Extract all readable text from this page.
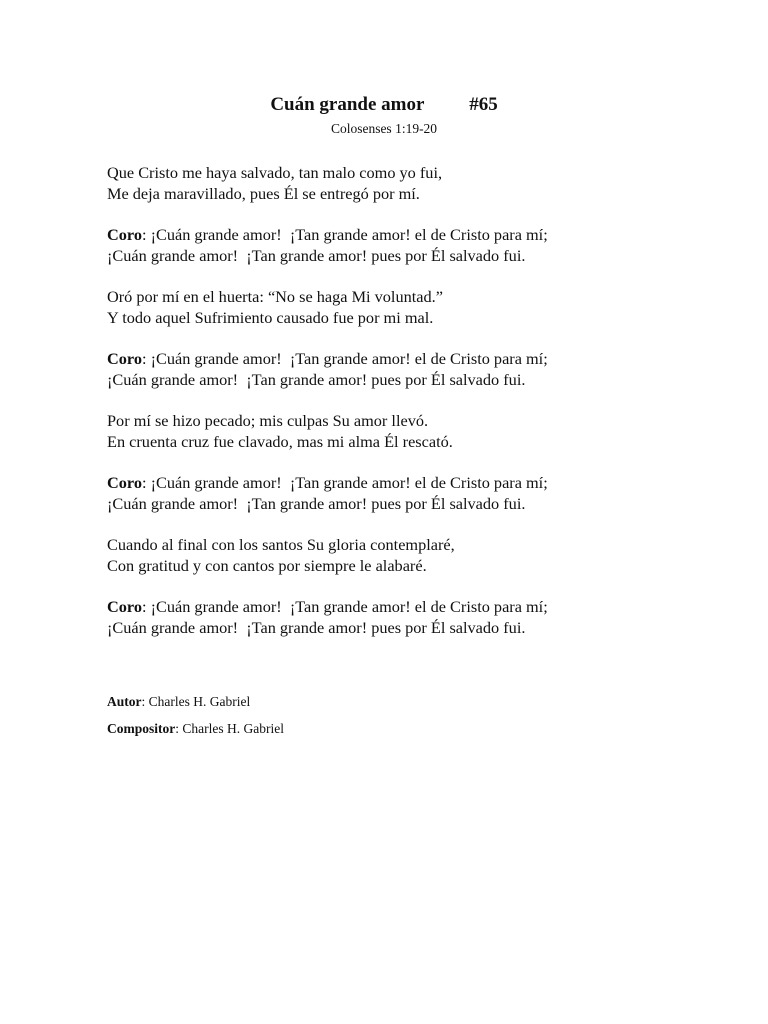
Cuán grande amor #65
Colosenses 1:19-20
Que Cristo me haya salvado, tan malo como yo fui,
Me deja maravillado, pues Él se entregó por mí.
Coro: ¡Cuán grande amor!  ¡Tan grande amor! el de Cristo para mí;
¡Cuán grande amor!  ¡Tan grande amor! pues por Él salvado fui.
Oró por mí en el huerta: “No se haga Mi voluntad.”
Y todo aquel Sufrimiento causado fue por mi mal.
Coro: ¡Cuán grande amor!  ¡Tan grande amor! el de Cristo para mí;
¡Cuán grande amor!  ¡Tan grande amor! pues por Él salvado fui.
Por mí se hizo pecado; mis culpas Su amor llevó.
En cruenta cruz fue clavado, mas mi alma Él rescató.
Coro: ¡Cuán grande amor!  ¡Tan grande amor! el de Cristo para mí;
¡Cuán grande amor!  ¡Tan grande amor! pues por Él salvado fui.
Cuando al final con los santos Su gloria contemplaré,
Con gratitud y con cantos por siempre le alabaré.
Coro: ¡Cuán grande amor!  ¡Tan grande amor! el de Cristo para mí;
¡Cuán grande amor!  ¡Tan grande amor! pues por Él salvado fui.
Autor: Charles H. Gabriel
Compositor: Charles H. Gabriel
